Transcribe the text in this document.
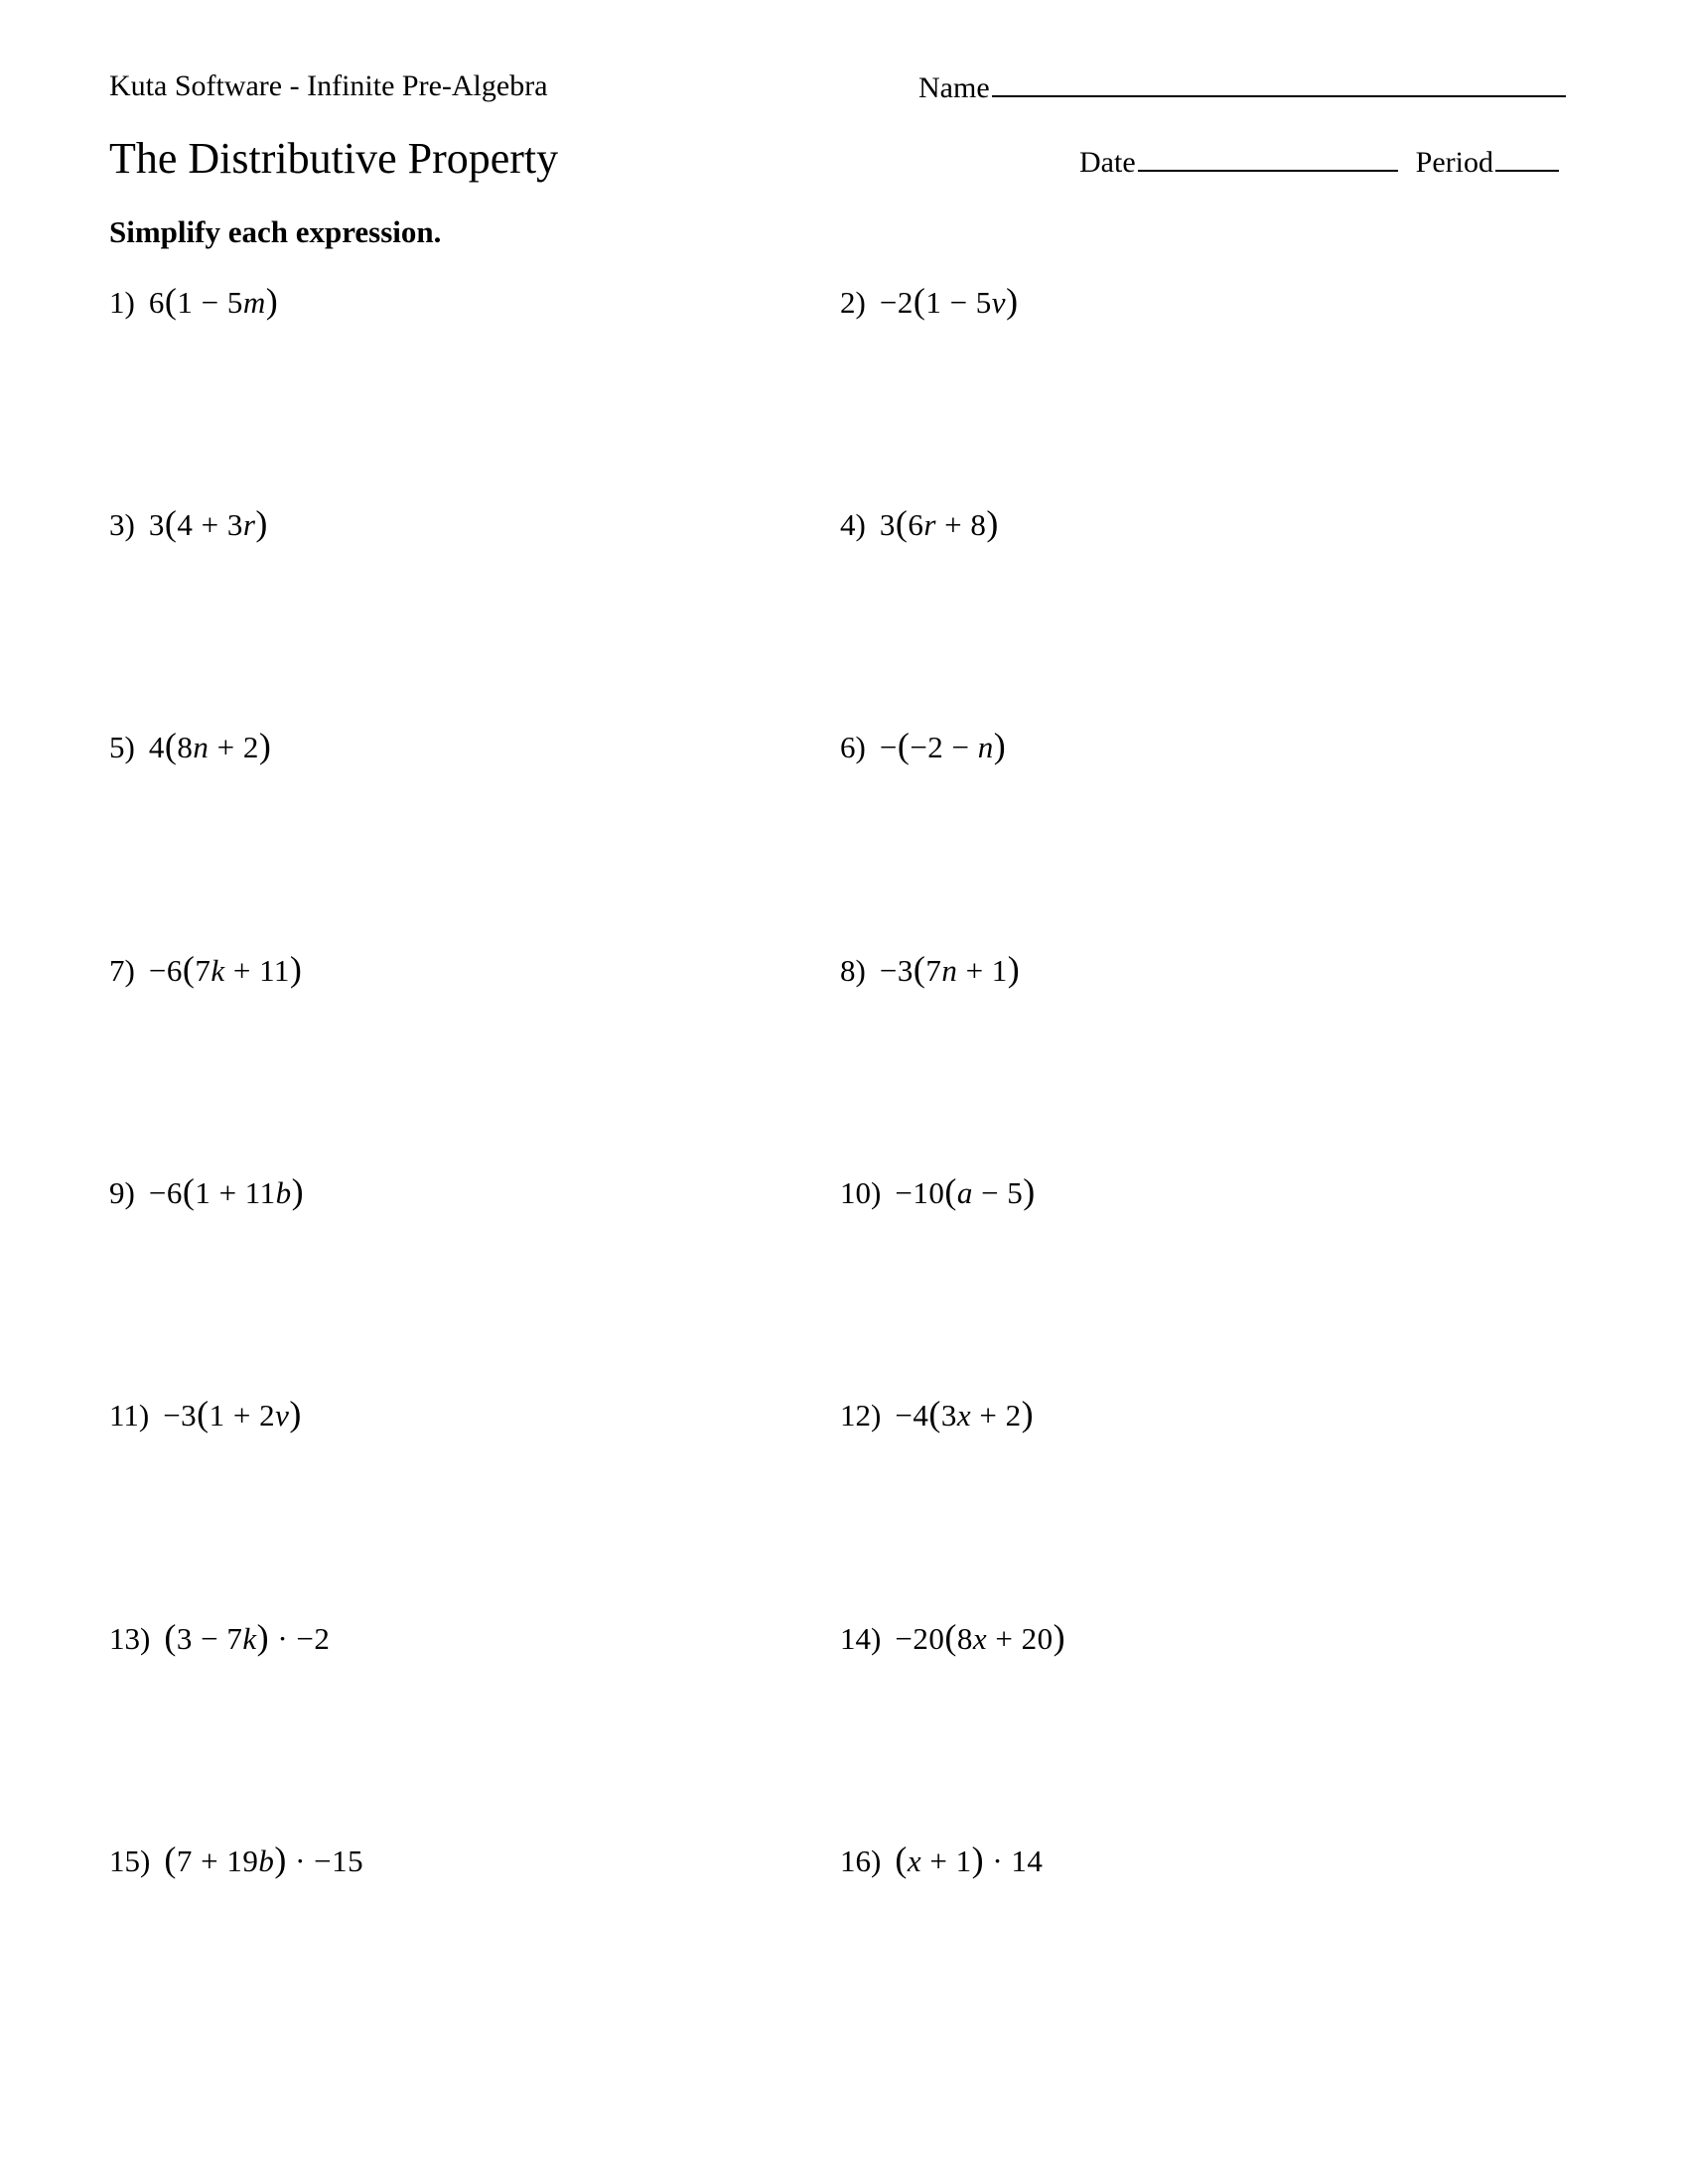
Kuta Software - Infinite Pre-Algebra	Name
The Distributive Property	Date	Period
Simplify each expression.
1) 6(1 − 5m)	2) −2(1 − 5v)
3) 3(4 + 3r)	4) 3(6r + 8)
5) 4(8n + 2)	6) −(−2 − n)
7) −6(7k + 11)	8) −3(7n + 1)
9) −6(1 + 11b)	10) −10(a − 5)
11) −3(1 + 2v)	12) −4(3x + 2)
13) (3 − 7k) · −2	14) −20(8x + 20)
15) (7 + 19b) · −15	16) (x + 1) · 14
